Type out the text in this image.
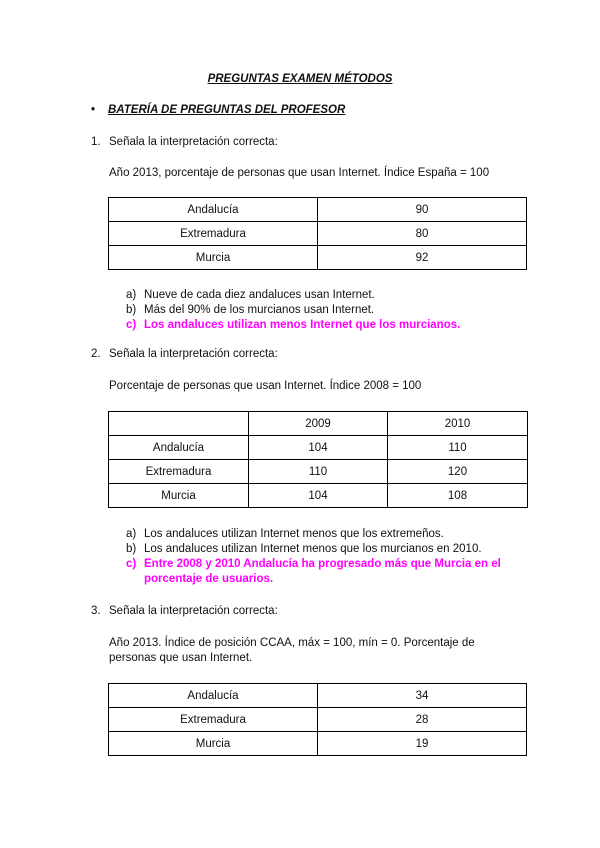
PREGUNTAS EXAMEN MÉTODOS
• BATERÍA DE PREGUNTAS DEL PROFESOR
1. Señala la interpretación correcta:
Año 2013, porcentaje de personas que usan Internet. Índice España = 100
Andalucía	90
Extremadura	80
Murcia	92
a) Nueve de cada diez andaluces usan Internet.
b) Más del 90% de los murcianos usan Internet.
c) Los andaluces utilizan menos Internet que los murcianos.
2. Señala la interpretación correcta:
Porcentaje de personas que usan Internet. Índice 2008 = 100
	2009	2010
Andalucía	104	110
Extremadura	110	120
Murcia	104	108
a) Los andaluces utilizan Internet menos que los extremeños.
b) Los andaluces utilizan Internet menos que los murcianos en 2010.
c) Entre 2008 y 2010 Andalucía ha progresado más que Murcia en el porcentaje de usuarios.
3. Señala la interpretación correcta:
Año 2013. Índice de posición CCAA, máx = 100, mín = 0. Porcentaje de personas que usan Internet.
Andalucía	34
Extremadura	28
Murcia	19
